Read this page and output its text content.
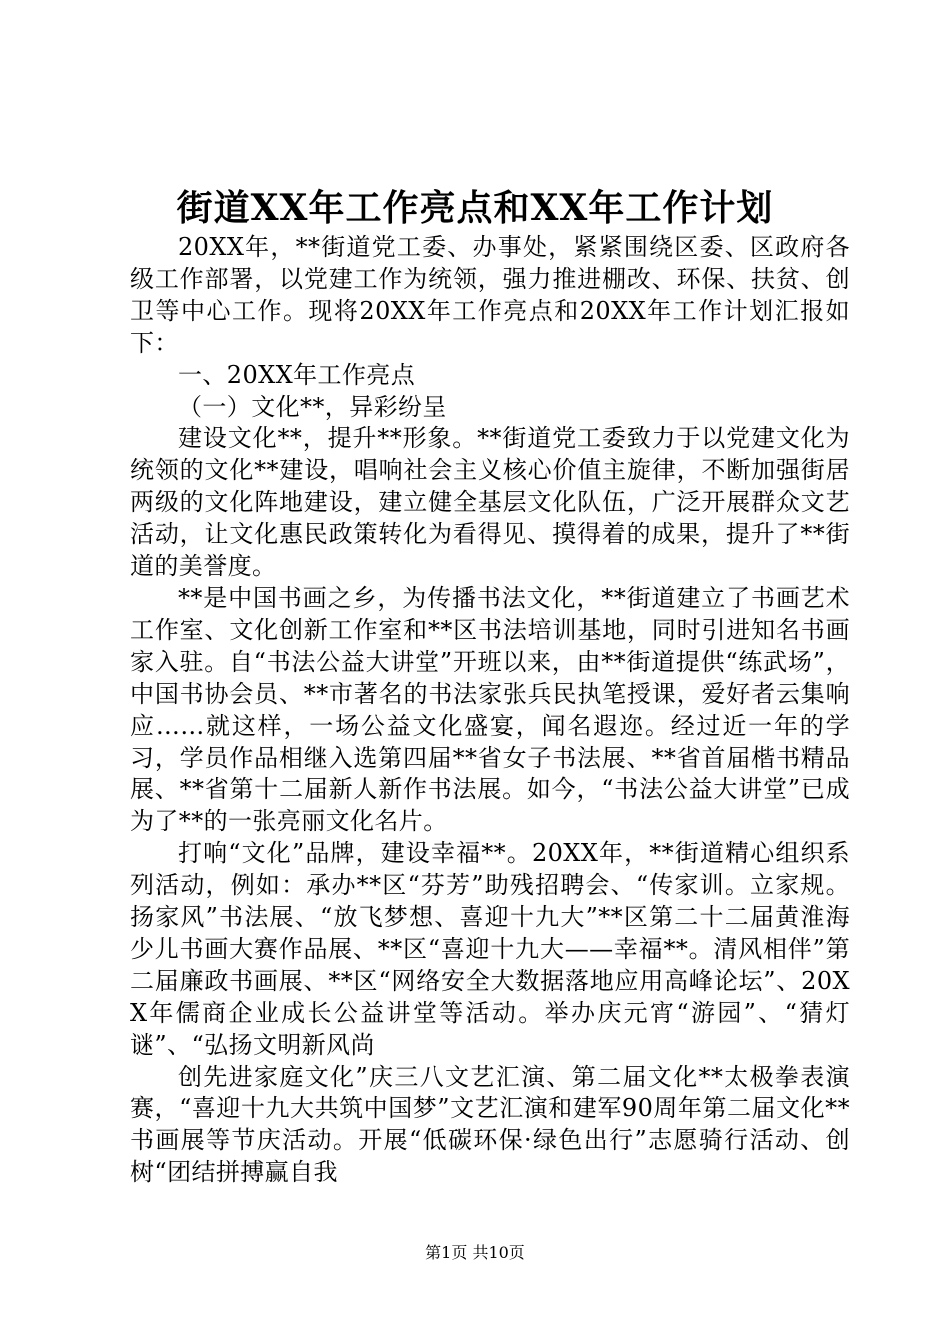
街道XX年工作亮点和XX年工作计划

20XX年，**街道党工委、办事处，紧紧围绕区委、区政府各级工作部署，以党建工作为统领，强力推进棚改、环保、扶贫、创卫等中心工作。现将20XX年工作亮点和20XX年工作计划汇报如下：

一、20XX年工作亮点

（一）文化**，异彩纷呈

建设文化**，提升**形象。**街道党工委致力于以党建文化为统领的文化**建设，唱响社会主义核心价值主旋律，不断加强街居两级的文化阵地建设，建立健全基层文化队伍，广泛开展群众文艺活动，让文化惠民政策转化为看得见、摸得着的成果，提升了**街道的美誉度。

**是中国书画之乡，为传播书法文化，**街道建立了书画艺术工作室、文化创新工作室和**区书法培训基地，同时引进知名书画家入驻。自“书法公益大讲堂”开班以来，由**街道提供“练武场”，中国书协会员、**市著名的书法家张兵民执笔授课，爱好者云集响应……就这样，一场公益文化盛宴，闻名遐迩。经过近一年的学习，学员作品相继入选第四届**省女子书法展、**省首届楷书精品展、**省第十二届新人新作书法展。如今，“书法公益大讲堂”已成为了**的一张亮丽文化名片。

打响“文化”品牌，建设幸福**。20XX年，**街道精心组织系列活动，例如：承办**区“芬芳”助残招聘会、“传家训。立家规。扬家风”书法展、“放飞梦想、喜迎十九大”**区第二十二届黄淮海少儿书画大赛作品展、**区“喜迎十九大——幸福**。清风相伴”第二届廉政书画展、**区“网络安全大数据落地应用高峰论坛”、20XX年儒商企业成长公益讲堂等活动。举办庆元宵“游园”、“猜灯谜”、“弘扬文明新风尚

创先进家庭文化”庆三八文艺汇演、第二届文化**太极拳表演赛，“喜迎十九大共筑中国梦”文艺汇演和建军90周年第二届文化**书画展等节庆活动。开展“低碳环保·绿色出行”志愿骑行活动、创树“团结拼搏赢自我

第1页 共10页
